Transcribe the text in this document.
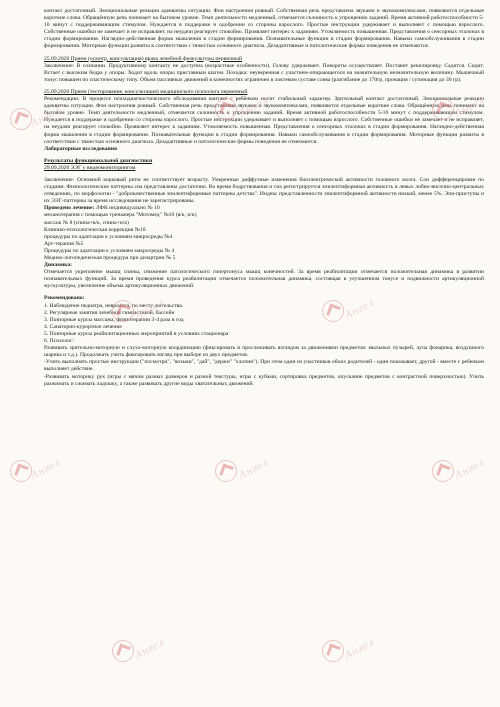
контакт достаточный. Эмоциональные реакции адекватны ситуации. Фон настроения ровный. Собственная речь представлена звуками и звукокомплексами, появляются отдельные короткие слова. Обращённую речь понимает на бытовом уровне. Темп деятельности медленный, отмечается склонность к упрощению заданий. Время активной работоспособности 5-10 минут с поддерживающим стимулом. Нуждается в поддержке и одобрении со стороны взрослого. Простые инструкции удерживает и выполняет с помощью взрослого. Собственные ошибки не замечает и не исправляет, на неудачи реагирует спокойно. Проявляет интерес к заданиям. Утомляемость повышенная. Представления о сенсорных эталонах в стадии формирования. Наглядно-действенная форма мышления в стадии формирования. Познавательные функции в стадии формирования. Навыки самообслуживания в стадии формирования. Моторные функции развиты в соответствии с тяжестью основного диагноза. Дезадаптивные и патологические формы поведения не отмечаются.

25.09.2020 Прием (осмотр, консультация) врача лечебной физкультуры первичный

Заключение: В сознании. Продуктивному контакту не доступна (возрастные особенности). Голову удерживает. Повороты осуществляет. Поставит рекилировку. Садится. Сидит. Встает с высоким бедра у опоры. Ходит вдоль опоры приставным шагом. Походка: неуверенная с участием-опирающегося на значительную незначительную величину. Мышечный тонус повышен по спастическому типу. Объем пассивных движений в конечностях ограничен в локтевом суставе слева (разгибание до 170гр, пронация / супинация до 30 гр).

25.09.2020 Прием (тестирование, консультация) медицинского психолога первичный

Рекомендации: В процессе психодиагностического обследования контакт с ребёнком носит стабильный характер. Зрительный контакт достаточный. Эмоциональные реакции адекватны ситуации. Фон настроения ровный. Собственная речь представлена звуками и звукокомплексами, появляются отдельные короткие слова. Обращённую речь понимает на бытовом уровне. Темп деятельности медленный, отмечается склонность к упрощению заданий. Время активной работоспособности 5-10 минут с поддерживающим стимулом. Нуждается в поддержке и одобрении со стороны взрослого. Простые инструкции удерживает и выполняет с помощью взрослого. Собственные ошибки не замечает и не исправляет, на неудачи реагирует спокойно. Проявляет интерес к заданиям. Утомляемость повышенная. Представления о сенсорных эталонах в стадии формирования. Наглядно-действенная форма мышления в стадии формирования. Познавательные функции в стадии формирования. Навыки самообслуживания в стадии формирования. Моторные функции развиты в соответствии с тяжестью основного диагноза. Дезадаптивные и патологические формы поведения не отмечаются.

Лабораторные исследования

Результаты функциональной диагностики

29.09.2020 ЭЭГ у видеомониторингом

Заключение: Основной корковый ритм не соответствует возрасту. Умеренные диффузные изменения биоэлектрической активности головного мозга. Сон дифференцирован по стадиям. Физиологические паттерны сна представлены достаточно. Во время бодрствования и сна регистрируется эпилептиформная активность в левых лобно-височно-центральных отведениях, по морфологии - "доброкачественные эпилептиформные паттерны детства". Индекс представленности эпилептиформной активности низкий, менее 5%. Эпи-приступы и их ЭЭГ-паттерны за время исследования не зарегистрированы.

Проведено лечение: ЛФК индивидуально № 10

механотерапия с помощью тренажера "Мотомед" №10 (в/к, н/к)

массаж № 8 (спина+в/к, спина+н/к)

Клинико-психологическая коррекция №10

процедуры по адаптации к условиям микросреды №4

Арт-терапия №5

Процедуры по адаптации к условиям макросреды № 4

Медико-логопедическая процедура при дизартрии № 5

Динамика:

Отмечается укрепление мышц спины, снижение патологического гипертонуса мышц конечностей. За время реабилитации отмечается положительная динамика в развитии познавательных функций. За время проведения курса реабилитации отмечается положительная динамика, состоящая в улучшенном тонусе и подвижности артикуляционной мускулатуры, увеличение объема артикуляционных движений.

Рекомендовано:

1. Наблюдение педиатра, невролога, по месту жительства.

2. Регулярные занятия лечебной гимнастикой, бассейн

3. Повторные курсы массажа, физиотерапии 3-4 раза в год

4. Санаторно-курортное лечение

5. Повторные курсы реабилитационных мероприятий в условиях стационара

6. Психолог:

Развивать зрительно-моторную и слухо-моторную координацию (фиксировать и прослеживать взглядом за движениями предметов: мыльных пузырей, луча фонарика, воздушного шарика и т.д.). Продолжать учить фиксировать взгляд при выборе из двух предметов.

-Учить выполнять простые инструкции ("посмотри", "возьми", "дай", "держи" "хлопни"). При этом один из участников обоих родителей - один показывает, другой - вместе с ребенком выполняет действие.

-Развивать моторику рук (игры с мячом разных размеров и разной текстуры, игры с кубами, сортировка предметов, опускание предметов с контрастной поверхностью). Учить разжимать и сжимать ладошку, а также развивать другие виды хватательных движений.

Ангел	Ангел	Ангел
Ангел	Ангел
Ангел	Ангел	Ангел
Ангел	Ангел
